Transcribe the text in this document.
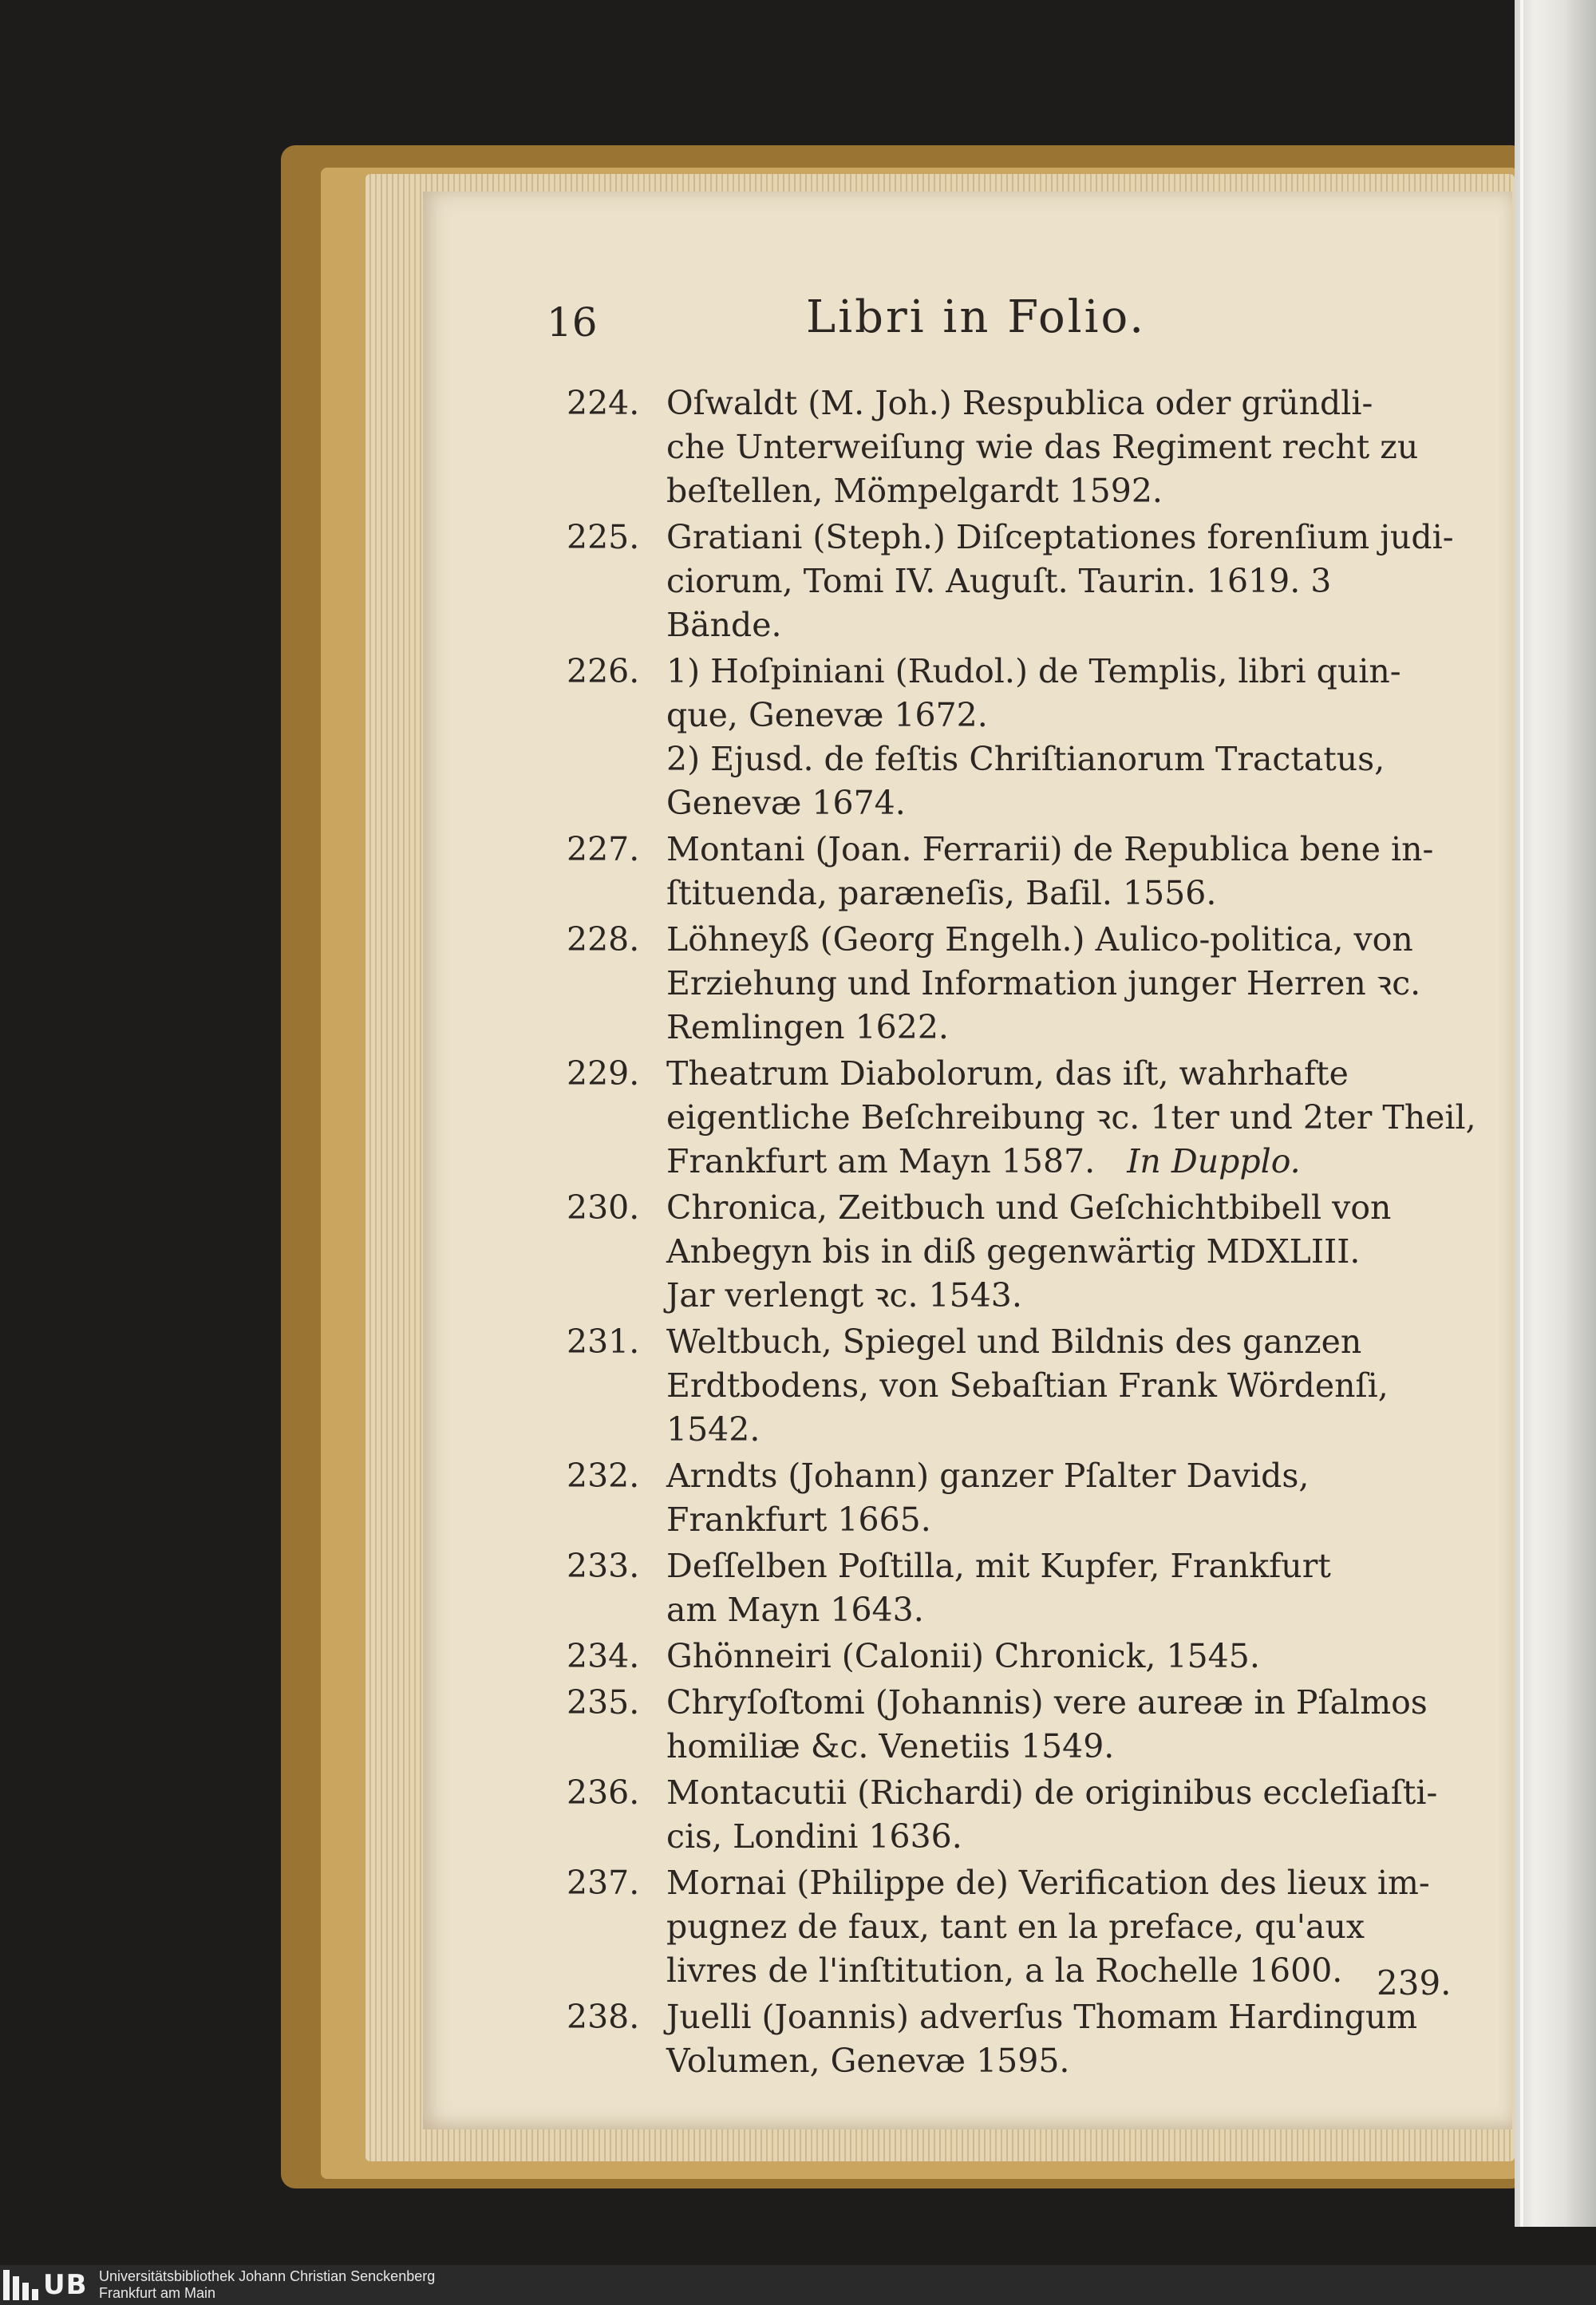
16	Libri in Folio.
224. Oſwaldt (M. Joh.) Respublica oder gründli-
che Unterweiſung wie das Regiment recht zu
beſtellen, Mömpelgardt 1592.
225. Gratiani (Steph.) Diſceptationes forenſium judi-
ciorum, Tomi IV. Auguſt. Taurin. 1619. 3
Bände.
226. 1) Hoſpiniani (Rudol.) de Templis, libri quin-
que, Genevæ 1672.
2) Ejusd. de feſtis Chriſtianorum Tractatus,
Genevæ 1674.
227. Montani (Joan. Ferrarii) de Republica bene in-
ſtituenda, paræneſis, Baſil. 1556.
228. Löhneyß (Georg Engelh.) Aulico-politica, von
Erziehung und Information junger Herren ꝛc.
Remlingen 1622.
229. Theatrum Diabolorum, das iſt, wahrhafte
eigentliche Beſchreibung ꝛc. 1ter und 2ter Theil,
Frankfurt am Mayn 1587. In Dupplo.
230. Chronica, Zeitbuch und Geſchichtbibell von
Anbegyn bis in diß gegenwärtig MDXLIII.
Jar verlengt ꝛc. 1543.
231. Weltbuch, Spiegel und Bildnis des ganzen
Erdtbodens, von Sebaſtian Frank Wördenſi,
1542.
232. Arndts (Johann) ganzer Pſalter Davids,
Frankfurt 1665.
233. Deſſelben Poſtilla, mit Kupfer, Frankfurt
am Mayn 1643.
234. Ghönneiri (Calonii) Chronick, 1545.
235. Chryſoſtomi (Johannis) vere aureæ in Pſalmos
homiliæ &c. Venetiis 1549.
236. Montacutii (Richardi) de originibus eccleſiaſti-
cis, Londini 1636.
237. Mornai (Philippe de) Verification des lieux im-
pugnez de faux, tant en la preface, qu'aux
livres de l'inſtitution, a la Rochelle 1600.
238. Juelli (Joannis) adverſus Thomam Hardingum
Volumen, Genevæ 1595.
239.
UB Universitätsbibliothek Johann Christian Senckenberg
Frankfurt am Main
